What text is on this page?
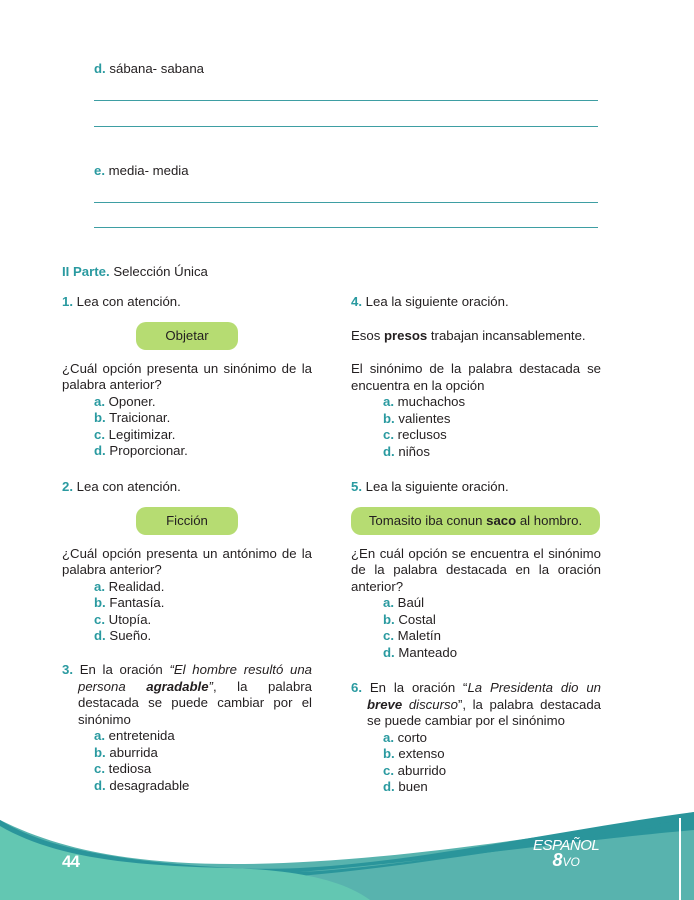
d. sábana- sabana
e. media- media
II Parte. Selección Única

1. Lea con atención.

Objetar

¿Cuál opción presenta un sinónimo de la palabra anterior?

a. Oponer.
b. Traicionar.
c. Legitimizar.
d. Proporcionar.

2. Lea con atención.

Ficción

¿Cuál opción presenta un antónimo de la palabra anterior?

a. Realidad.
b. Fantasía.
c. Utopía.
d. Sueño.

3. En la oración “El hombre resultó una persona agradable”, la palabra destacada se puede cambiar por el sinónimo

a. entretenida
b. aburrida
c. tediosa
d. desagradable

4. Lea la siguiente oración.

Esos presos trabajan incansablemente.

El sinónimo de la palabra destacada se encuentra en la opción

a. muchachos
b. valientes
c. reclusos
d. niños

5. Lea la siguiente oración.

Tomasito iba conun saco al hombro.

¿En cuál opción se encuentra el sinónimo de la palabra destacada en la oración anterior?

a. Baúl
b. Costal
c. Maletín
d. Manteado

6. En la oración “La Presidenta dio un breve discurso”, la palabra destacada se puede cambiar por el sinónimo

a. corto
b. extenso
c. aburrido
d. buen
44
ESPAÑOL
8VO
